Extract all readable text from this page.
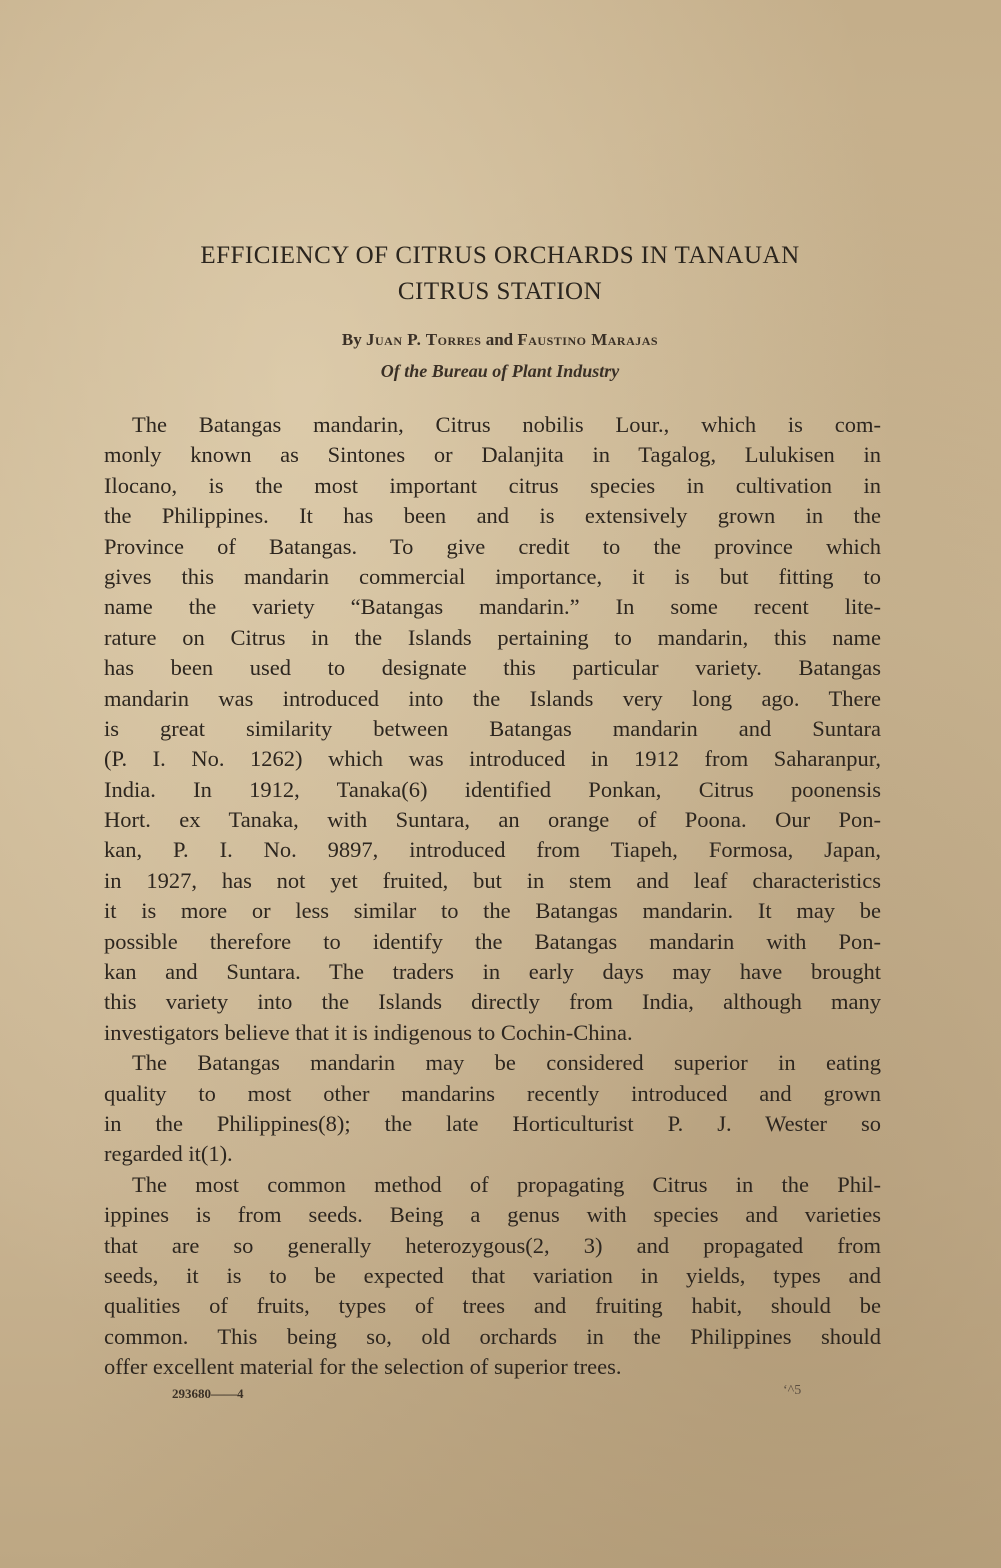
EFFICIENCY OF CITRUS ORCHARDS IN TANAUAN
CITRUS STATION
By Juan P. Torres and Faustino Marajas
Of the Bureau of Plant Industry
The Batangas mandarin, Citrus nobilis Lour., which is com-
monly known as Sintones or Dalanjita in Tagalog, Lulukisen in
Ilocano, is the most important citrus species in cultivation in
the Philippines. It has been and is extensively grown in the
Province of Batangas. To give credit to the province which
gives this mandarin commercial importance, it is but fitting to
name the variety “Batangas mandarin.” In some recent lite-
rature on Citrus in the Islands pertaining to mandarin, this name
has been used to designate this particular variety. Batangas
mandarin was introduced into the Islands very long ago. There
is great similarity between Batangas mandarin and Suntara
(P. I. No. 1262) which was introduced in 1912 from Saharanpur,
India. In 1912, Tanaka(6) identified Ponkan, Citrus poonensis
Hort. ex Tanaka, with Suntara, an orange of Poona. Our Pon-
kan, P. I. No. 9897, introduced from Tiapeh, Formosa, Japan,
in 1927, has not yet fruited, but in stem and leaf characteristics
it is more or less similar to the Batangas mandarin. It may be
possible therefore to identify the Batangas mandarin with Pon-
kan and Suntara. The traders in early days may have brought
this variety into the Islands directly from India, although many
investigators believe that it is indigenous to Cochin-China.
The Batangas mandarin may be considered superior in eating
quality to most other mandarins recently introduced and grown
in the Philippines(8); the late Horticulturist P. J. Wester so
regarded it(1).
The most common method of propagating Citrus in the Phil-
ippines is from seeds. Being a genus with species and varieties
that are so generally heterozygous(2, 3) and propagated from
seeds, it is to be expected that variation in yields, types and
qualities of fruits, types of trees and fruiting habit, should be
common. This being so, old orchards in the Philippines should
offer excellent material for the selection of superior trees.
293680——4	‘^5
